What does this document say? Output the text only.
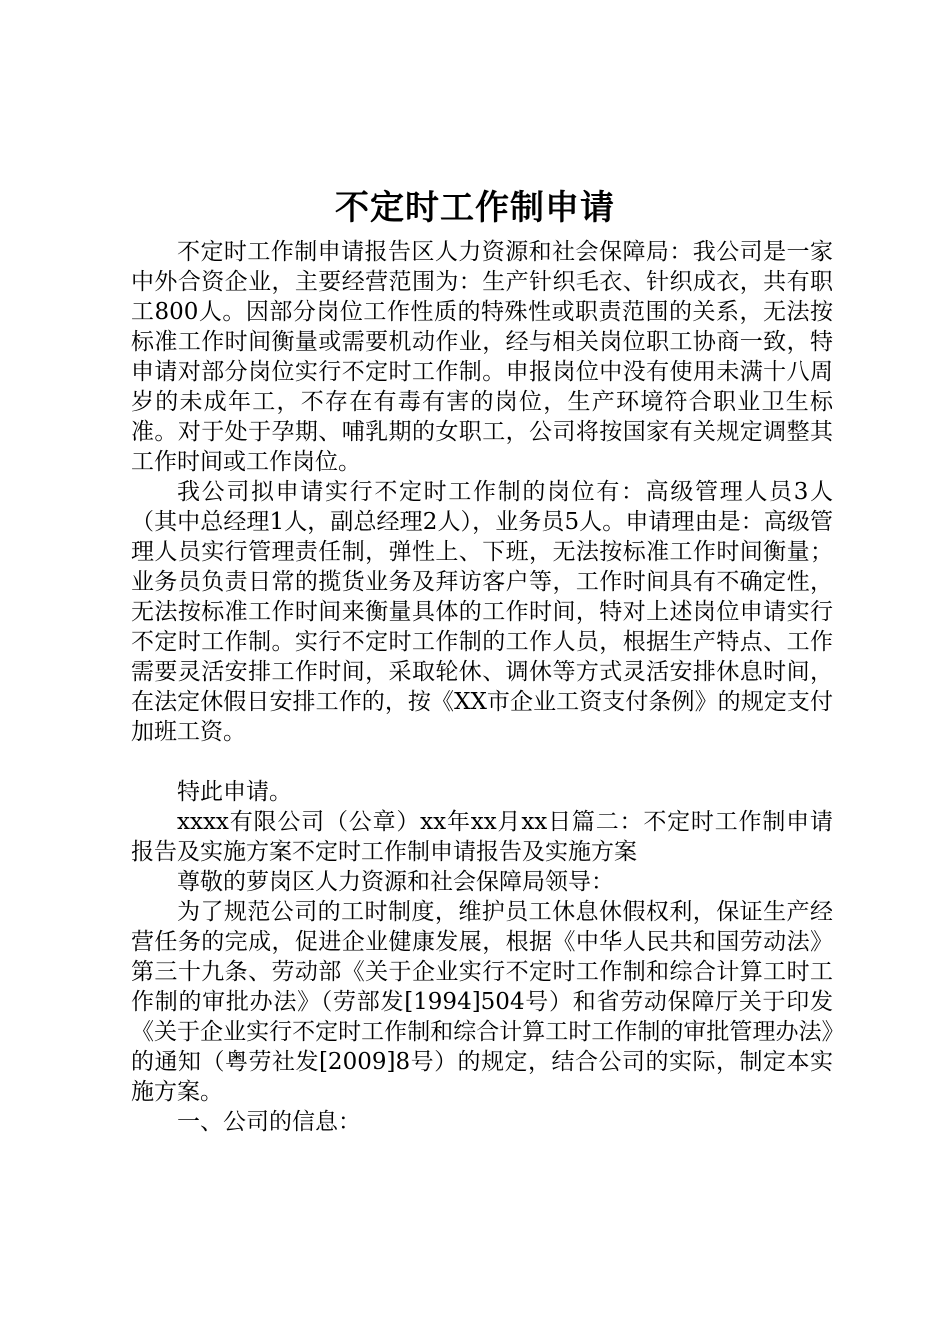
不定时工作制申请

不定时工作制申请报告区人力资源和社会保障局：我公司是一家中外合资企业，主要经营范围为：生产针织毛衣、针织成衣，共有职工800人。因部分岗位工作性质的特殊性或职责范围的关系，无法按标准工作时间衡量或需要机动作业，经与相关岗位职工协商一致，特申请对部分岗位实行不定时工作制。申报岗位中没有使用未满十八周岁的未成年工，不存在有毒有害的岗位，生产环境符合职业卫生标准。对于处于孕期、哺乳期的女职工，公司将按国家有关规定调整其工作时间或工作岗位。

我公司拟申请实行不定时工作制的岗位有：高级管理人员3人（其中总经理1人，副总经理2人），业务员5人。申请理由是：高级管理人员实行管理责任制，弹性上、下班，无法按标准工作时间衡量；业务员负责日常的揽货业务及拜访客户等，工作时间具有不确定性，无法按标准工作时间来衡量具体的工作时间，特对上述岗位申请实行不定时工作制。实行不定时工作制的工作人员，根据生产特点、工作需要灵活安排工作时间，采取轮休、调休等方式灵活安排休息时间，在法定休假日安排工作的，按《XX市企业工资支付条例》的规定支付加班工资。

特此申请。

xxxx有限公司（公章）xx年xx月xx日篇二：不定时工作制申请报告及实施方案不定时工作制申请报告及实施方案

尊敬的萝岗区人力资源和社会保障局领导：

为了规范公司的工时制度，维护员工休息休假权利，保证生产经营任务的完成，促进企业健康发展，根据《中华人民共和国劳动法》第三十九条、劳动部《关于企业实行不定时工作制和综合计算工时工作制的审批办法》（劳部发[1994]504号）和省劳动保障厅关于印发《关于企业实行不定时工作制和综合计算工时工作制的审批管理办法》的通知（粤劳社发[2009]8号）的规定，结合公司的实际，制定本实施方案。

一、公司的信息：
